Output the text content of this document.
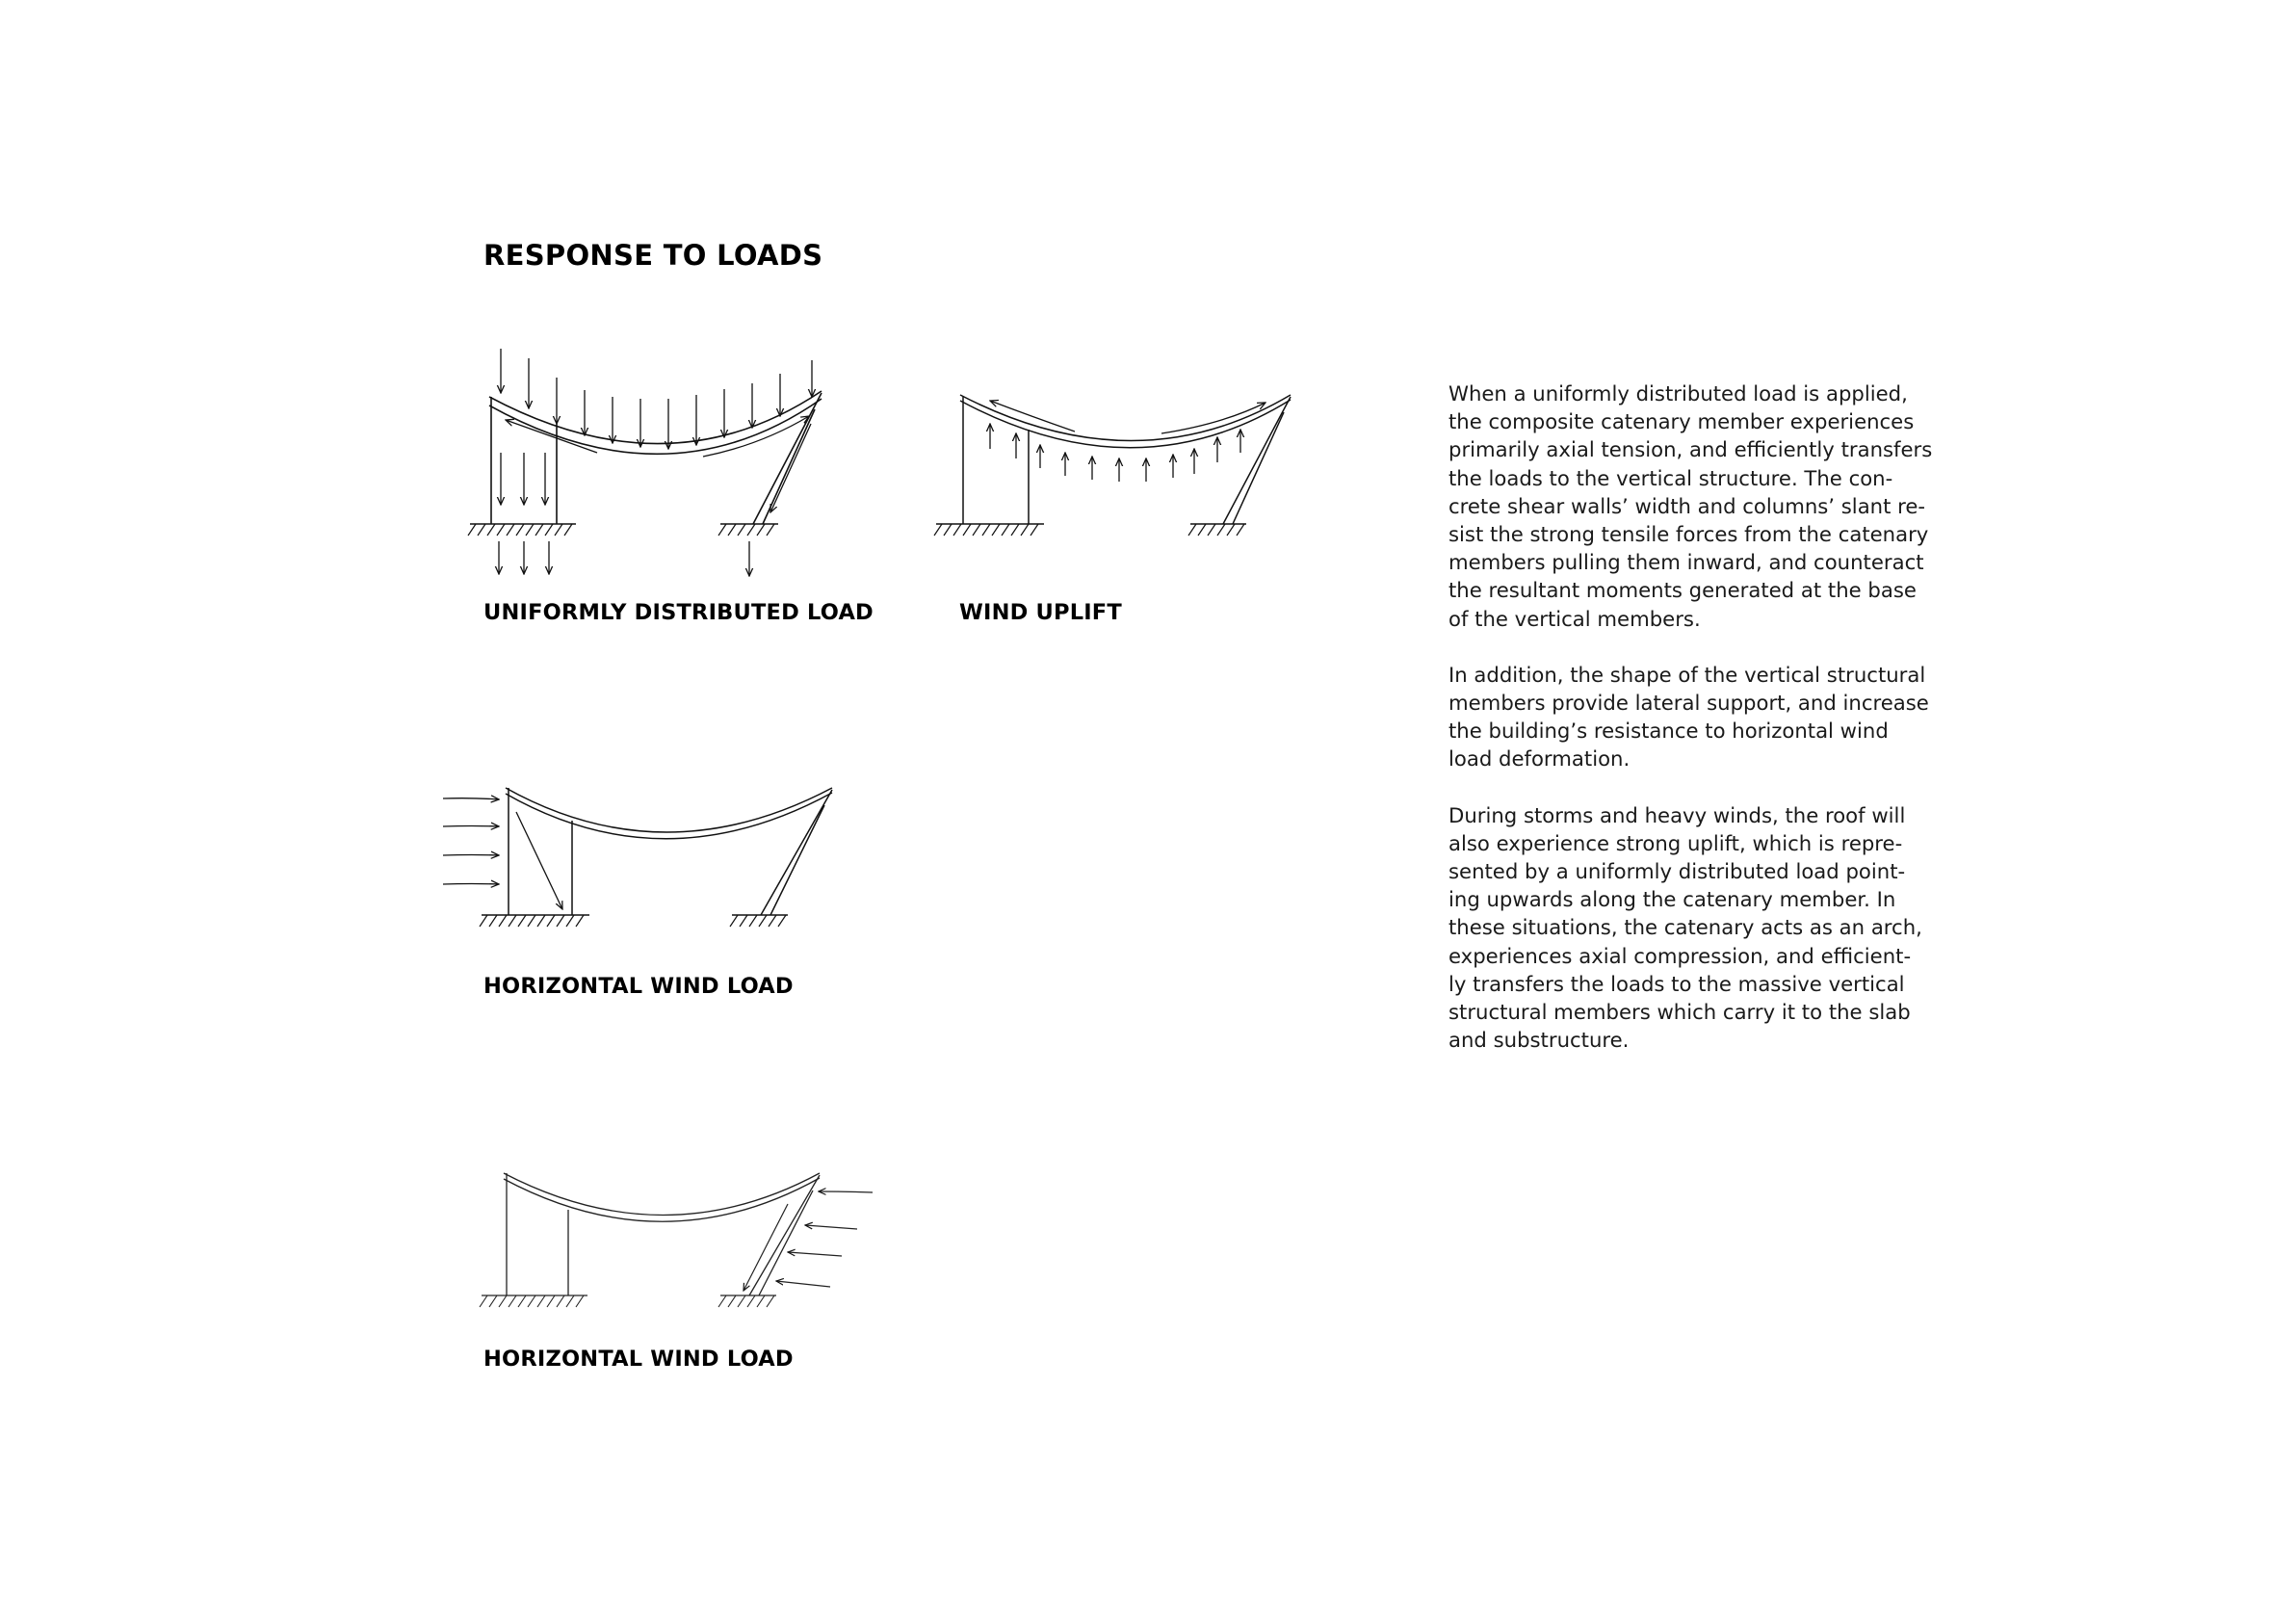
RESPONSE TO LOADS
UNIFORMLY DISTRIBUTED LOAD	WIND UPLIFT
HORIZONTAL WIND LOAD
HORIZONTAL WIND LOAD

When a uniformly distributed load is applied,
the composite catenary member experiences
primarily axial tension, and efficiently transfers
the loads to the vertical structure. The con-
crete shear walls’ width and columns’ slant re-
sist the strong tensile forces from the catenary
members pulling them inward, and counteract
the resultant moments generated at the base
of the vertical members.

In addition, the shape of the vertical structural
members provide lateral support, and increase
the building’s resistance to horizontal wind
load deformation.

During storms and heavy winds, the roof will
also experience strong uplift, which is repre-
sented by a uniformly distributed load point-
ing upwards along the catenary member. In
these situations, the catenary acts as an arch,
experiences axial compression, and efficient-
ly transfers the loads to the massive vertical
structural members which carry it to the slab
and substructure.
